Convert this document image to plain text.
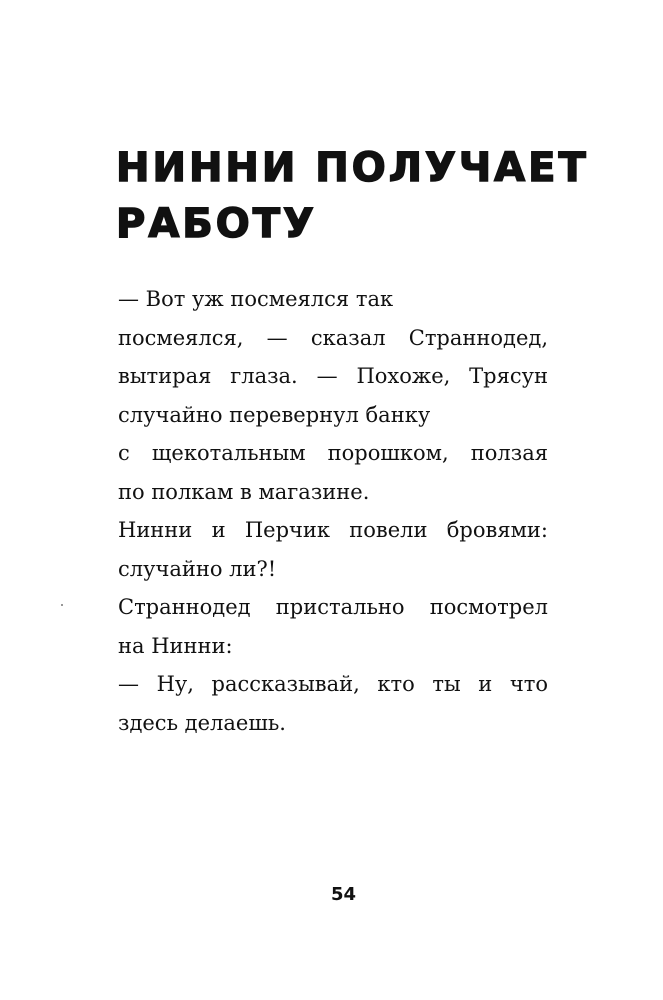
НИННИ ПОЛУЧАЕТ
РАБОТУ
— Вот уж посмеялся так
посмеялся, — сказал Страннодед,
вытирая глаза. — Похоже, Трясун
случайно перевернул банку
с щекотальным порошком, ползая
по полкам в магазине.
Нинни и Перчик повели бровями:
случайно ли?!
Страннодед пристально посмотрел
на Нинни:
— Ну, рассказывай, кто ты и что
здесь делаешь.
54
